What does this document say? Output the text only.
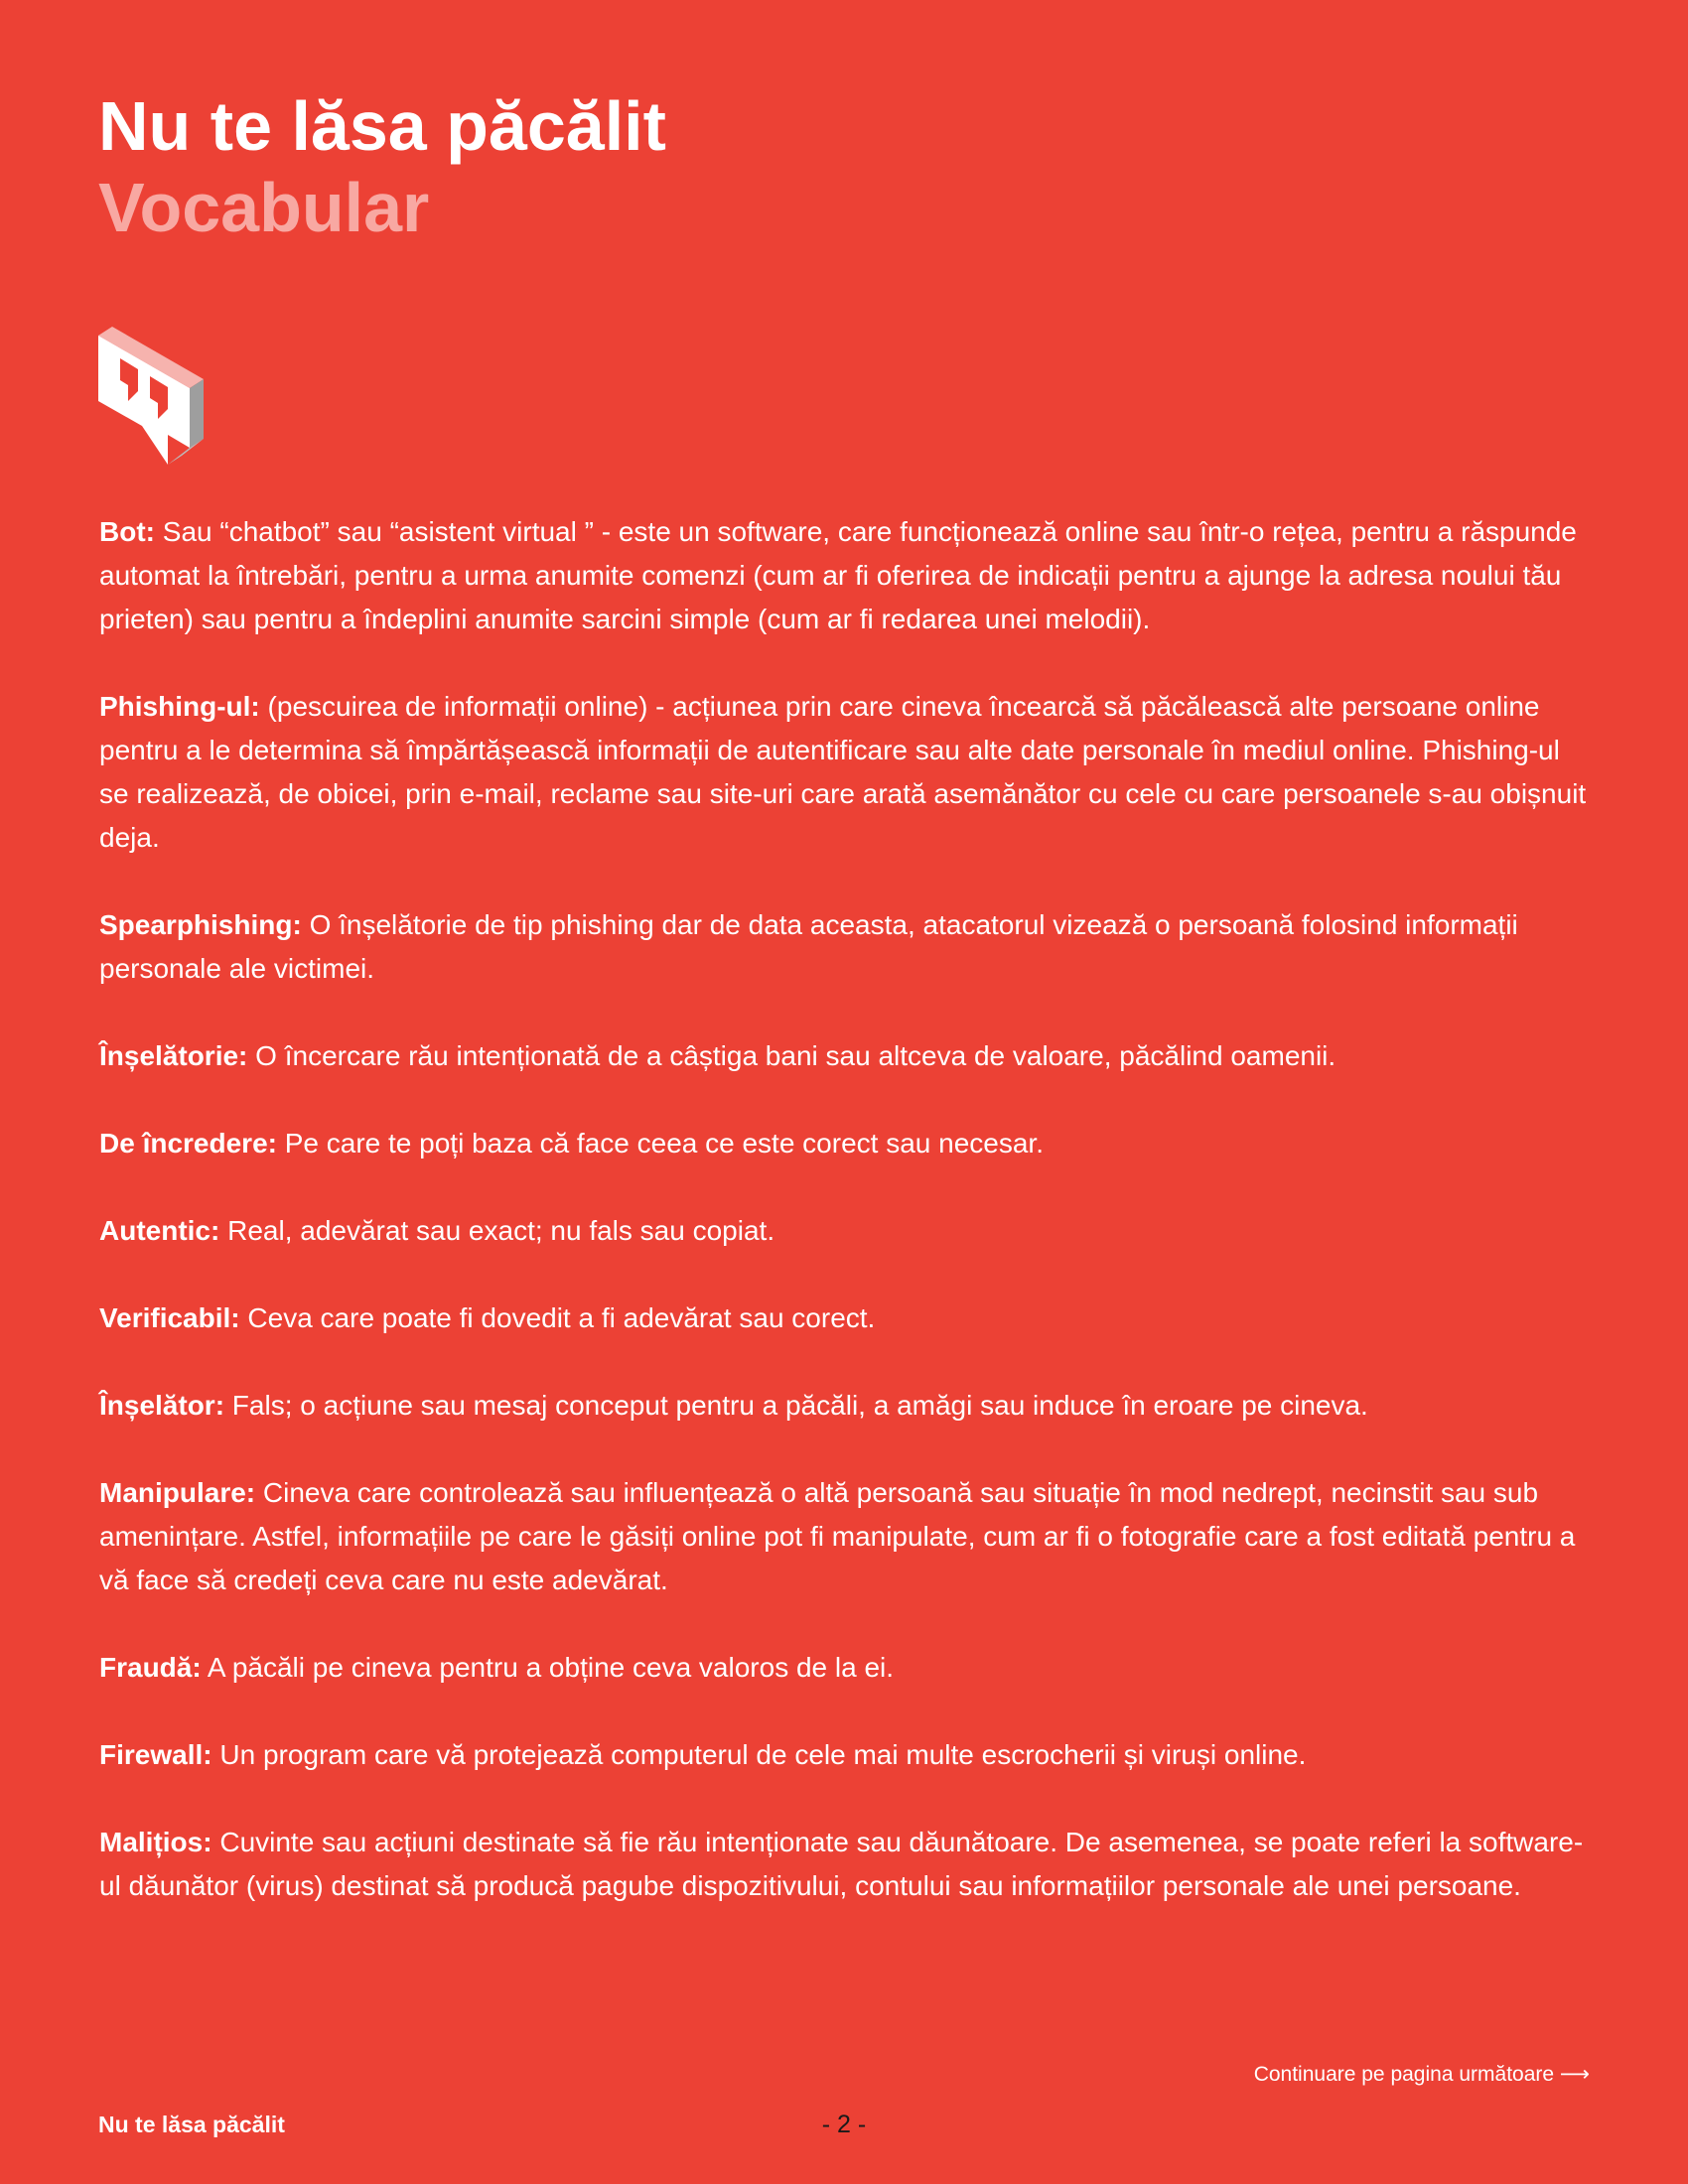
Nu te lăsa păcălit
Vocabular

Bot: Sau “chatbot” sau “asistent virtual ” - este un software, care funcționează online sau într-o rețea, pentru a răspunde automat la întrebări, pentru a urma anumite comenzi (cum ar fi oferirea de indicații pentru a ajunge la adresa noului tău prieten) sau pentru a îndeplini anumite sarcini simple (cum ar fi redarea unei melodii).

Phishing-ul: (pescuirea de informații online) - acțiunea prin care cineva încearcă să păcălească alte persoane online pentru a le determina să împărtășească informații de autentificare sau alte date personale în mediul online. Phishing-ul se realizează, de obicei, prin e-mail, reclame sau site-uri care arată asemănător cu cele cu care persoanele s-au obișnuit deja.

Spearphishing: O înșelătorie de tip phishing dar de data aceasta, atacatorul vizează o persoană folosind informații personale ale victimei.

Înșelătorie: O încercare rău intenționată de a câștiga bani sau altceva de valoare, păcălind oamenii.

De încredere: Pe care te poți baza că face ceea ce este corect sau necesar.

Autentic: Real, adevărat sau exact; nu fals sau copiat.

Verificabil: Ceva care poate fi dovedit a fi adevărat sau corect.

Înșelător: Fals; o acțiune sau mesaj conceput pentru a păcăli, a amăgi sau induce în eroare pe cineva.

Manipulare: Cineva care controlează sau influențează o altă persoană sau situație în mod nedrept, necinstit sau sub amenințare. Astfel, informațiile pe care le găsiți online pot fi manipulate, cum ar fi o fotografie care a fost editată pentru a vă face să credeți ceva care nu este adevărat.

Fraudă: A păcăli pe cineva pentru a obține ceva valoros de la ei.

Firewall: Un program care vă protejează computerul de cele mai multe escrocherii și viruși online.

Malițios: Cuvinte sau acțiuni destinate să fie rău intenționate sau dăunătoare. De asemenea, se poate referi la software-ul dăunător (virus) destinat să producă pagube dispozitivului, contului sau informațiilor personale ale unei persoane.

Continuare pe pagina următoare ⟶
Nu te lăsa păcălit	- 2 -
